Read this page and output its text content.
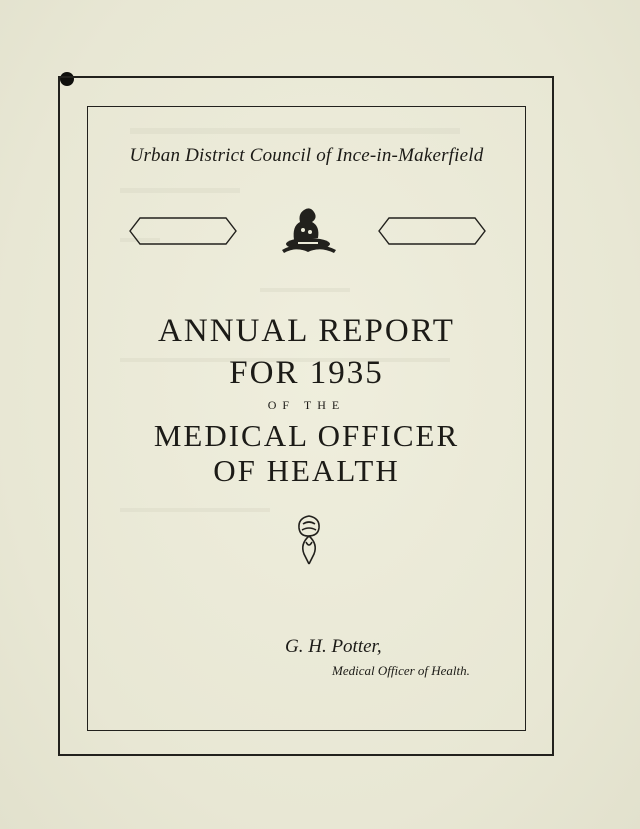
Urban District Council of Ince-in-Makerfield
ANNUAL REPORT
FOR 1935
OF THE
MEDICAL OFFICER
OF HEALTH
G. H. Potter,
Medical Officer of Health.
